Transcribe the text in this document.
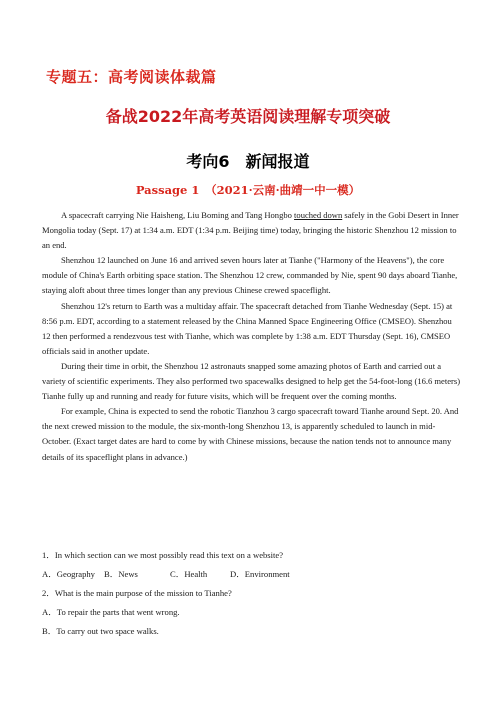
专题五：高考阅读体裁篇
备战2022年高考英语阅读理解专项突破
考向6　新闻报道
Passage 1　（2021·云南·曲靖一中一模）

A spacecraft carrying Nie Haisheng, Liu Boming and Tang Hongbo touched down safely in the Gobi Desert in Inner Mongolia today (Sept. 17) at 1:34 a.m. EDT (1:34 p.m. Beijing time) today, bringing the historic Shenzhou 12 mission to an end.

Shenzhou 12 launched on June 16 and arrived seven hours later at Tianhe ("Harmony of the Heavens"), the core module of China's Earth orbiting space station. The Shenzhou 12 crew, commanded by Nie, spent 90 days aboard Tianhe, staying aloft about three times longer than any previous Chinese crewed spaceflight.

Shenzhou 12's return to Earth was a multiday affair. The spacecraft detached from Tianhe Wednesday (Sept. 15) at 8:56 p.m. EDT, according to a statement released by the China Manned Space Engineering Office (CMSEO). Shenzhou 12 then performed a rendezvous test with Tianhe, which was complete by 1:38 a.m. EDT Thursday (Sept. 16), CMSEO officials said in another update.

During their time in orbit, the Shenzhou 12 astronauts snapped some amazing photos of Earth and carried out a variety of scientific experiments. They also performed two spacewalks designed to help get the 54-foot-long (16.6 meters) Tianhe fully up and running and ready for future visits, which will be frequent over the coming months.

For example, China is expected to send the robotic Tianzhou 3 cargo spacecraft toward Tianhe around Sept. 20. And the next crewed mission to the module, the six-month-long Shenzhou 13, is apparently scheduled to launch in mid-October. (Exact target dates are hard to come by with Chinese missions, because the nation tends not to announce many details of its spaceflight plans in advance.)

1．In which section can we most possibly read this text on a website?
A．Geography B．News	C．Health	D．Environment
2．What is the main purpose of the mission to Tianhe?
A．To repair the parts that went wrong.
B．To carry out two space walks.
